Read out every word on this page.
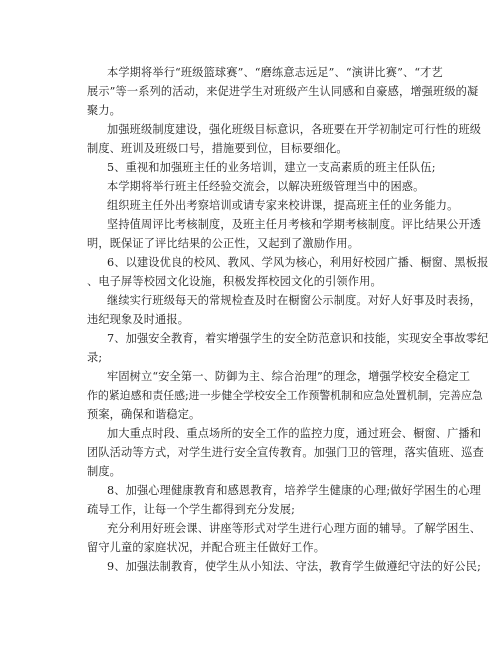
本学期将举行“班级篮球赛”、“磨练意志远足”、“演讲比赛”、“才艺
展示”等一系列的活动，来促进学生对班级产生认同感和自豪感，增强班级的凝
聚力。
加强班级制度建设，强化班级目标意识，各班要在开学初制定可行性的班级
制度、班训及班级口号，措施要到位，目标要细化。
5、重视和加强班主任的业务培训，建立一支高素质的班主任队伍;
本学期将举行班主任经验交流会，以解决班级管理当中的困惑。
组织班主任外出考察培训或请专家来校讲课，提高班主任的业务能力。
坚持值周评比考核制度，及班主任月考核和学期考核制度。评比结果公开透
明，既保证了评比结果的公正性，又起到了激励作用。
6、以建设优良的校风、教风、学风为核心，利用好校园广播、橱窗、黑板报
、电子屏等校园文化设施，积极发挥校园文化的引领作用。
继续实行班级每天的常规检查及时在橱窗公示制度。对好人好事及时表扬，
违纪现象及时通报。
7、加强安全教育，着实增强学生的安全防范意识和技能，实现安全事故零纪
录;
牢固树立“安全第一、防御为主、综合治理”的理念，增强学校安全稳定工
作的紧迫感和责任感;进一步健全学校安全工作预警机制和应急处置机制，完善应急
预案，确保和谐稳定。
加大重点时段、重点场所的安全工作的监控力度，通过班会、橱窗、广播和
团队活动等方式，对学生进行安全宣传教育。加强门卫的管理，落实值班、巡查
制度。
8、加强心理健康教育和感恩教育，培养学生健康的心理;做好学困生的心理
疏导工作，让每一个学生都得到充分发展;
充分利用好班会课、讲座等形式对学生进行心理方面的辅导。了解学困生、
留守儿童的家庭状况，并配合班主任做好工作。
9、加强法制教育，使学生从小知法、守法，教育学生做遵纪守法的好公民;
